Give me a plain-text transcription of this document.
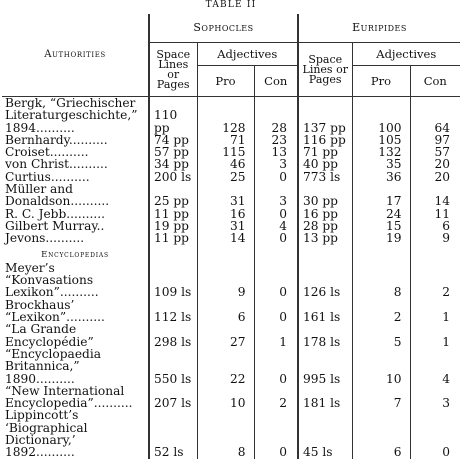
TABLE II
Authorities	Sophocles			Euripides		
	Space Lines or Pages	Adjectives		Space Lines or Pages	Adjectives	
		Pro	Con		Pro	Con
Bergk, “Griechischer Literaturgeschichte,” 1894..........	110 pp	128	28	137 pp	100	64
Bernhardy..........	74 pp	71	23	116 pp	105	97
Croiset..........	57 pp	115	13	71 pp	132	57
von Christ..........	34 pp	46	3	40 pp	35	20
Curtius..........	200 ls	25	0	773 ls	36	20
Müller and Donaldson..........	25 pp	31	3	30 pp	17	14
R. C. Jebb..........	11 pp	16	0	16 pp	24	11
Gilbert Murray..	19 pp	31	4	28 pp	15	6
Jevons..........	11 pp	14	0	13 pp	19	9
Encyclopedias						
Meyer’s “Konvasations Lexikon”..........	109 ls	9	0	126 ls	8	2
Brockhaus’ “Lexikon”..........	112 ls	6	0	161 ls	2	1
“La Grande Encyclopédie”	298 ls	27	1	178 ls	5	1
“Encyclopaedia Britannica,” 1890..........	550 ls	22	0	995 ls	10	4
“New International Encyclopedia”..........	207 ls	10	2	181 ls	7	3
Lippincott’s ‘Biographical Dictionary,’ 1892..........	52 ls	8	0	45 ls	6	0
